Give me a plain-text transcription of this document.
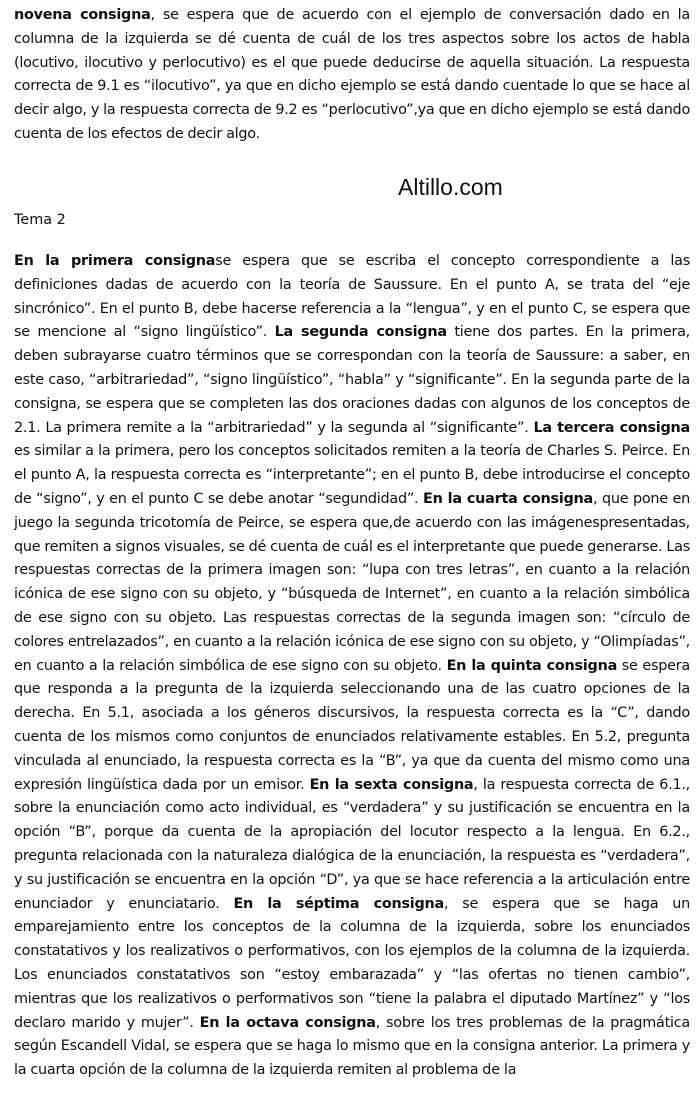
novena consigna, se espera que de acuerdo con el ejemplo de conversación dado en la columna de la izquierda se dé cuenta de cuál de los tres aspectos sobre los actos de habla (locutivo, ilocutivo y perlocutivo) es el que puede deducirse de aquella situación. La respuesta correcta de 9.1 es “ilocutivo”, ya que en dicho ejemplo se está dando cuentade lo que se hace al decir algo, y la respuesta correcta de 9.2 es “perlocutivo”,ya que en dicho ejemplo se está dando cuenta de los efectos de decir algo.

Altillo.com
Tema 2

En la primera consignase espera que se escriba el concepto correspondiente a las definiciones dadas de acuerdo con la teoría de Saussure. En el punto A, se trata del “eje sincrónico”. En el punto B, debe hacerse referencia a la “lengua”, y en el punto C, se espera que se mencione al “signo lingüístico”. La segunda consigna tiene dos partes. En la primera, deben subrayarse cuatro términos que se correspondan con la teoría de Saussure: a saber, en este caso, “arbitrariedad”, “signo lingüístico”, “habla” y “significante”. En la segunda parte de la consigna, se espera que se completen las dos oraciones dadas con algunos de los conceptos de 2.1. La primera remite a la “arbitrariedad” y la segunda al “significante”. La tercera consigna es similar a la primera, pero los conceptos solicitados remiten a la teoría de Charles S. Peirce. En el punto A, la respuesta correcta es “interpretante”; en el punto B, debe introducirse el concepto de “signo”, y en el punto C se debe anotar “segundidad”. En la cuarta consigna, que pone en juego la segunda tricotomía de Peirce, se espera que,de acuerdo con las imágenespresentadas, que remiten a signos visuales, se dé cuenta de cuál es el interpretante que puede generarse. Las respuestas correctas de la primera imagen son: “lupa con tres letras”, en cuanto a la relación icónica de ese signo con su objeto, y “búsqueda de Internet”, en cuanto a la relación simbólica de ese signo con su objeto. Las respuestas correctas de la segunda imagen son: “círculo de colores entrelazados”, en cuanto a la relación icónica de ese signo con su objeto, y “Olimpíadas”, en cuanto a la relación simbólica de ese signo con su objeto. En la quinta consigna se espera que responda a la pregunta de la izquierda seleccionando una de las cuatro opciones de la derecha. En 5.1, asociada a los géneros discursivos, la respuesta correcta es la “C”, dando cuenta de los mismos como conjuntos de enunciados relativamente estables. En 5.2, pregunta vinculada al enunciado, la respuesta correcta es la “B”, ya que da cuenta del mismo como una expresión lingüística dada por un emisor. En la sexta consigna, la respuesta correcta de 6.1., sobre la enunciación como acto individual, es “verdadera” y su justificación se encuentra en la opción “B”, porque da cuenta de la apropiación del locutor respecto a la lengua. En 6.2., pregunta relacionada con la naturaleza dialógica de la enunciación, la respuesta es “verdadera”, y su justificación se encuentra en la opción “D”, ya que se hace referencia a la articulación entre enunciador y enunciatario. En la séptima consigna, se espera que se haga un emparejamiento entre los conceptos de la columna de la izquierda, sobre los enunciados constatativos y los realizativos o performativos, con los ejemplos de la columna de la izquierda. Los enunciados constatativos son “estoy embarazada” y “las ofertas no tienen cambio”, mientras que los realizativos o performativos son “tiene la palabra el diputado Martínez” y “los declaro marido y mujer”. En la octava consigna, sobre los tres problemas de la pragmática según Escandell Vidal, se espera que se haga lo mismo que en la consigna anterior. La primera y la cuarta opción de la columna de la izquierda remiten al problema de la
